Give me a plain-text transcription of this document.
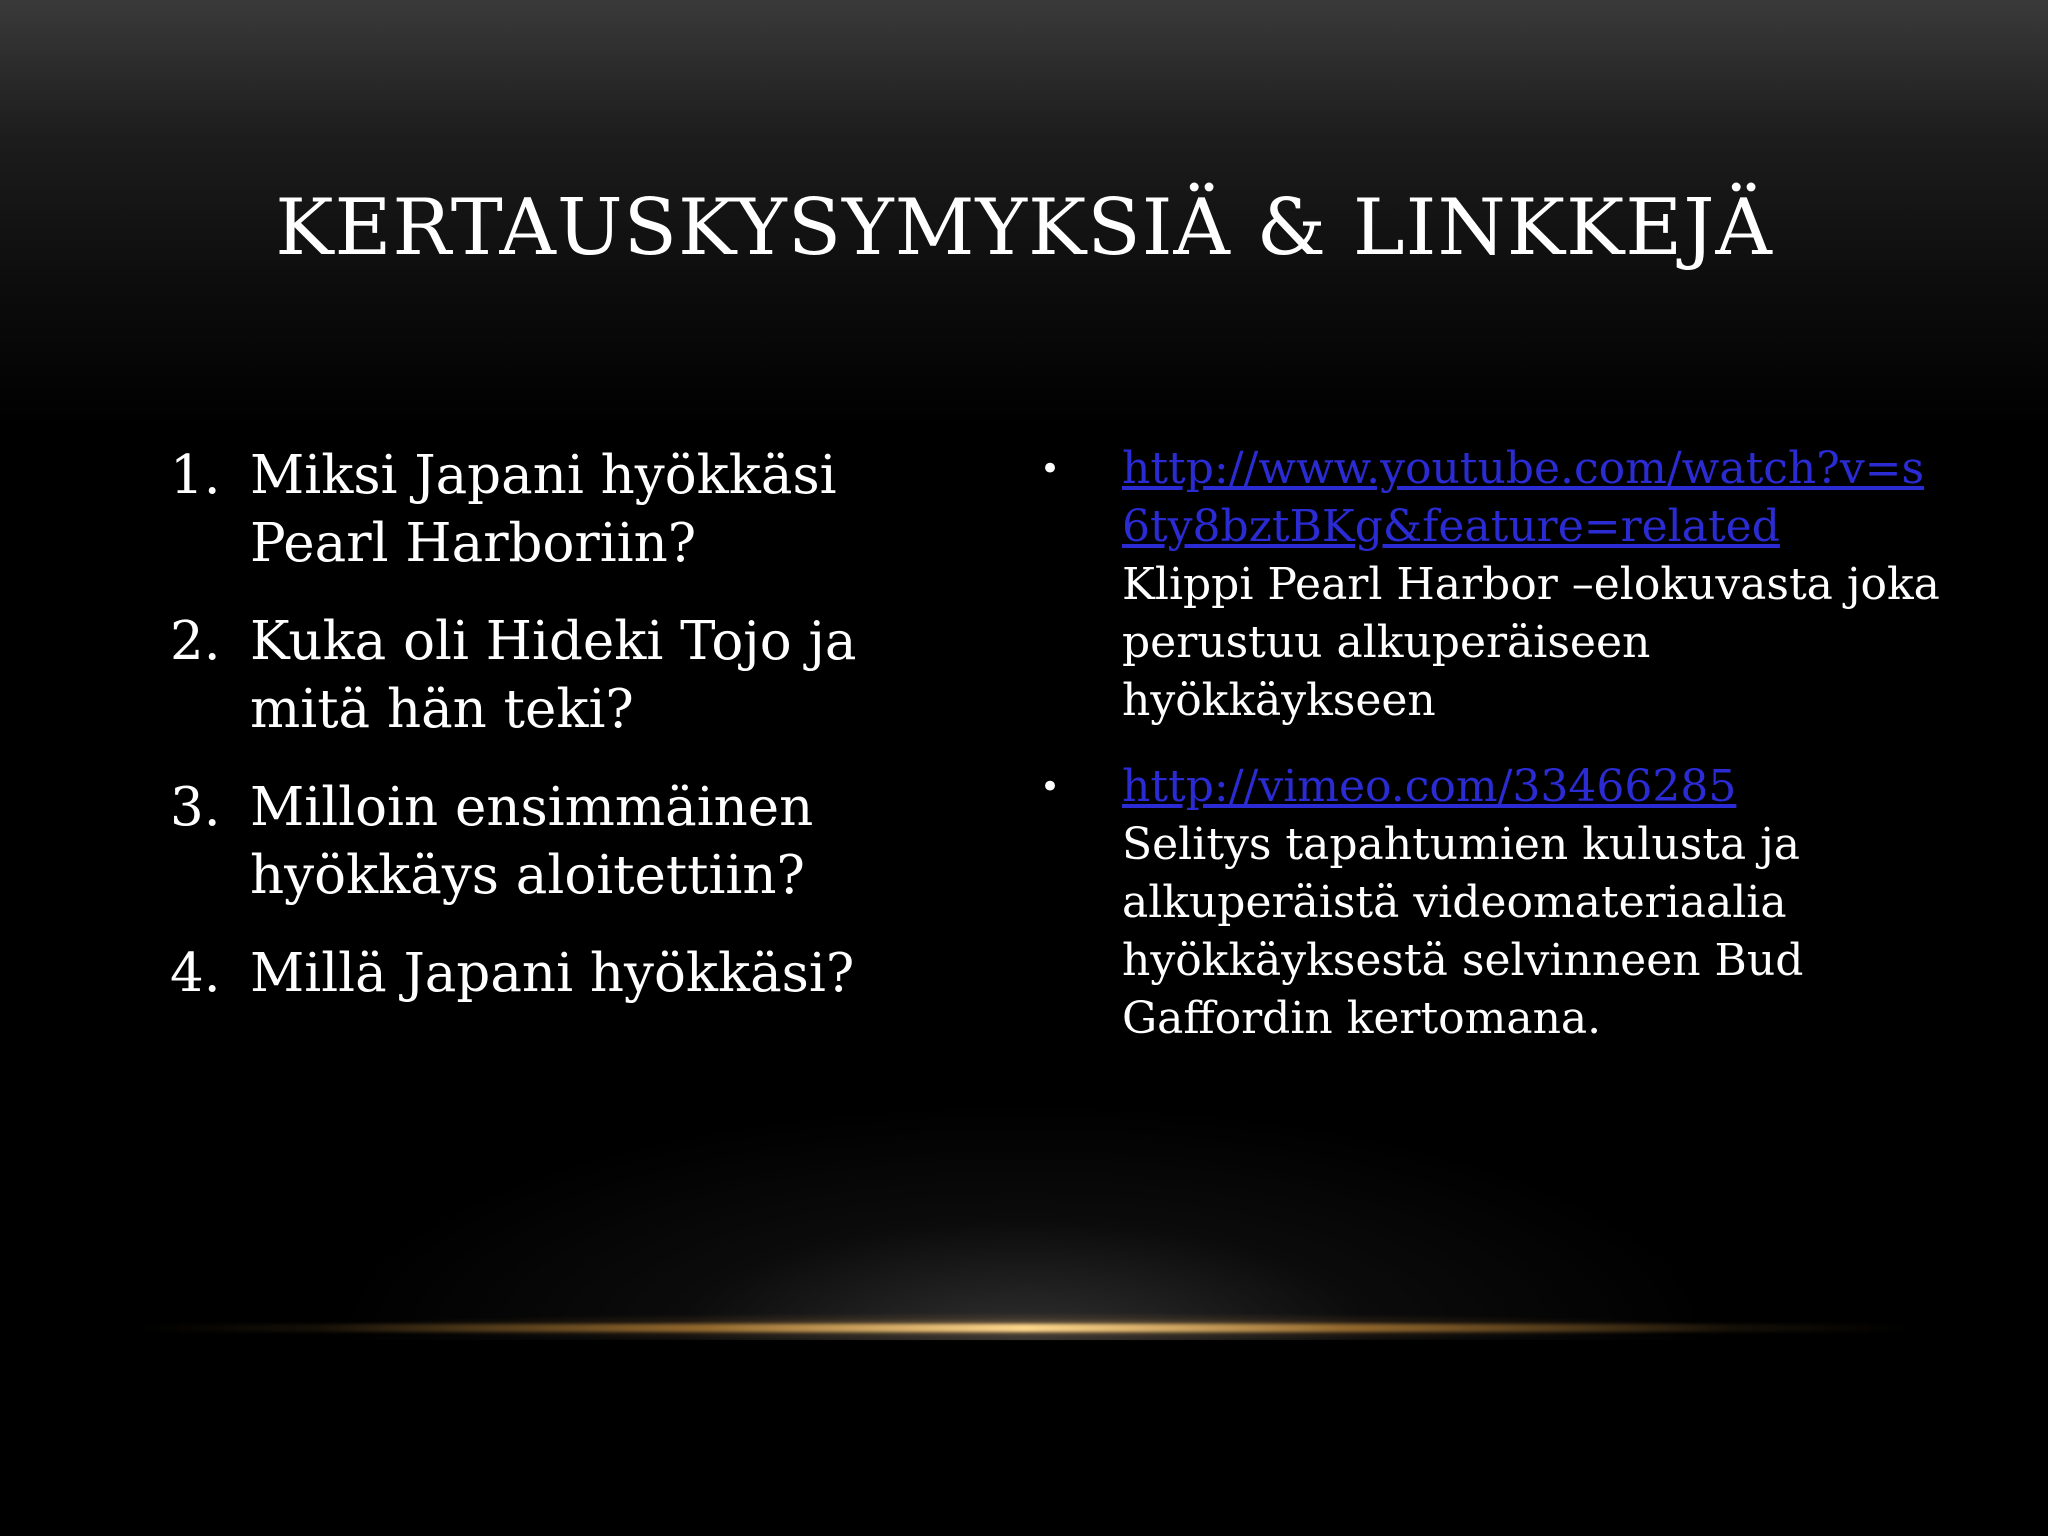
KERTAUSKYSYMYKSIÄ & LINKKEJÄ
1. Miksi Japani hyökkäsi Pearl Harboriin?
2. Kuka oli Hideki Tojo ja mitä hän teki?
3. Milloin ensimmäinen hyökkäys aloitettiin?
4. Millä Japani hyökkäsi?
• http://www.youtube.com/watch?v=s6ty8bztBKg&feature=related
Klippi Pearl Harbor –elokuvasta joka perustuu alkuperäiseen hyökkäykseen
• http://vimeo.com/33466285
Selitys tapahtumien kulusta ja alkuperäistä videomateriaalia hyökkäyksestä selvinneen Bud Gaffordin kertomana.
